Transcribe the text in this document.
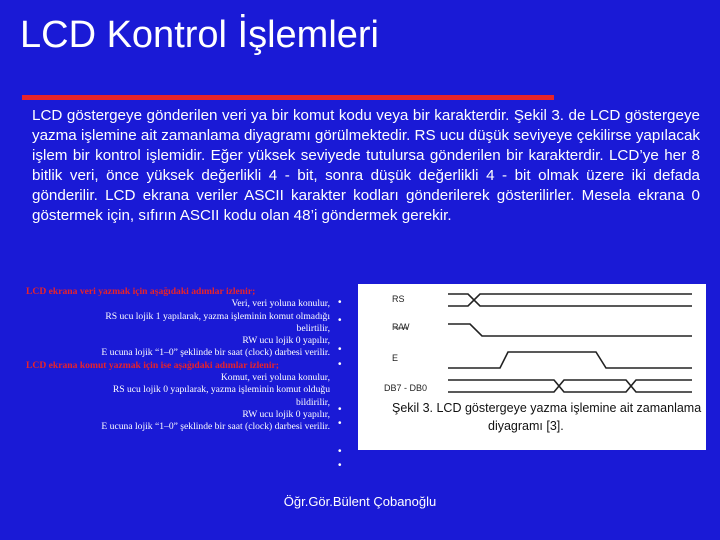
LCD Kontrol İşlemleri
LCD göstergeye gönderilen veri ya bir komut kodu veya bir karakterdir. Şekil 3. de LCD göstergeye yazma işlemine ait zamanlama diyagramı görülmektedir. RS ucu düşük seviyeye çekilirse yapılacak işlem bir kontrol işlemidir. Eğer yüksek seviyede tutulursa gönderilen bir karakterdir. LCD’ye her 8 bitlik veri, önce yüksek değerlikli 4 - bit, sonra düşük değerlikli 4 - bit olmak üzere iki defada gönderilir. LCD ekrana veriler ASCII karakter kodları gönderilerek gösterilirler. Mesela ekrana 0 göstermek için, sıfırın ASCII kodu olan 48’i göndermek gerekir.
LCD ekrana veri yazmak için aşağıdaki adımlar izlenir;
Veri, veri yoluna konulur,
RS ucu lojik 1 yapılarak, yazma işleminin komut olmadığı
belirtilir,
RW ucu lojik 0 yapılır,
E ucuna lojik “1–0” şeklinde bir saat (clock) darbesi verilir.
LCD ekrana komut yazmak için ise aşağıdaki adımlar izlenir;
Komut, veri yoluna konulur,
RS ucu lojik 0 yapılarak, yazma işleminin komut olduğu
bildirilir,
RW ucu lojik 0 yapılır,
E ucuna lojik “1–0” şeklinde bir saat (clock) darbesi verilir.
•
•
•
•
•
•
•
•
RS
R/W
E
DB7 - DB0
Şekil 3. LCD göstergeye yazma işlemine ait zamanlama
diyagramı [3].
Öğr.Gör.Bülent Çobanoğlu
